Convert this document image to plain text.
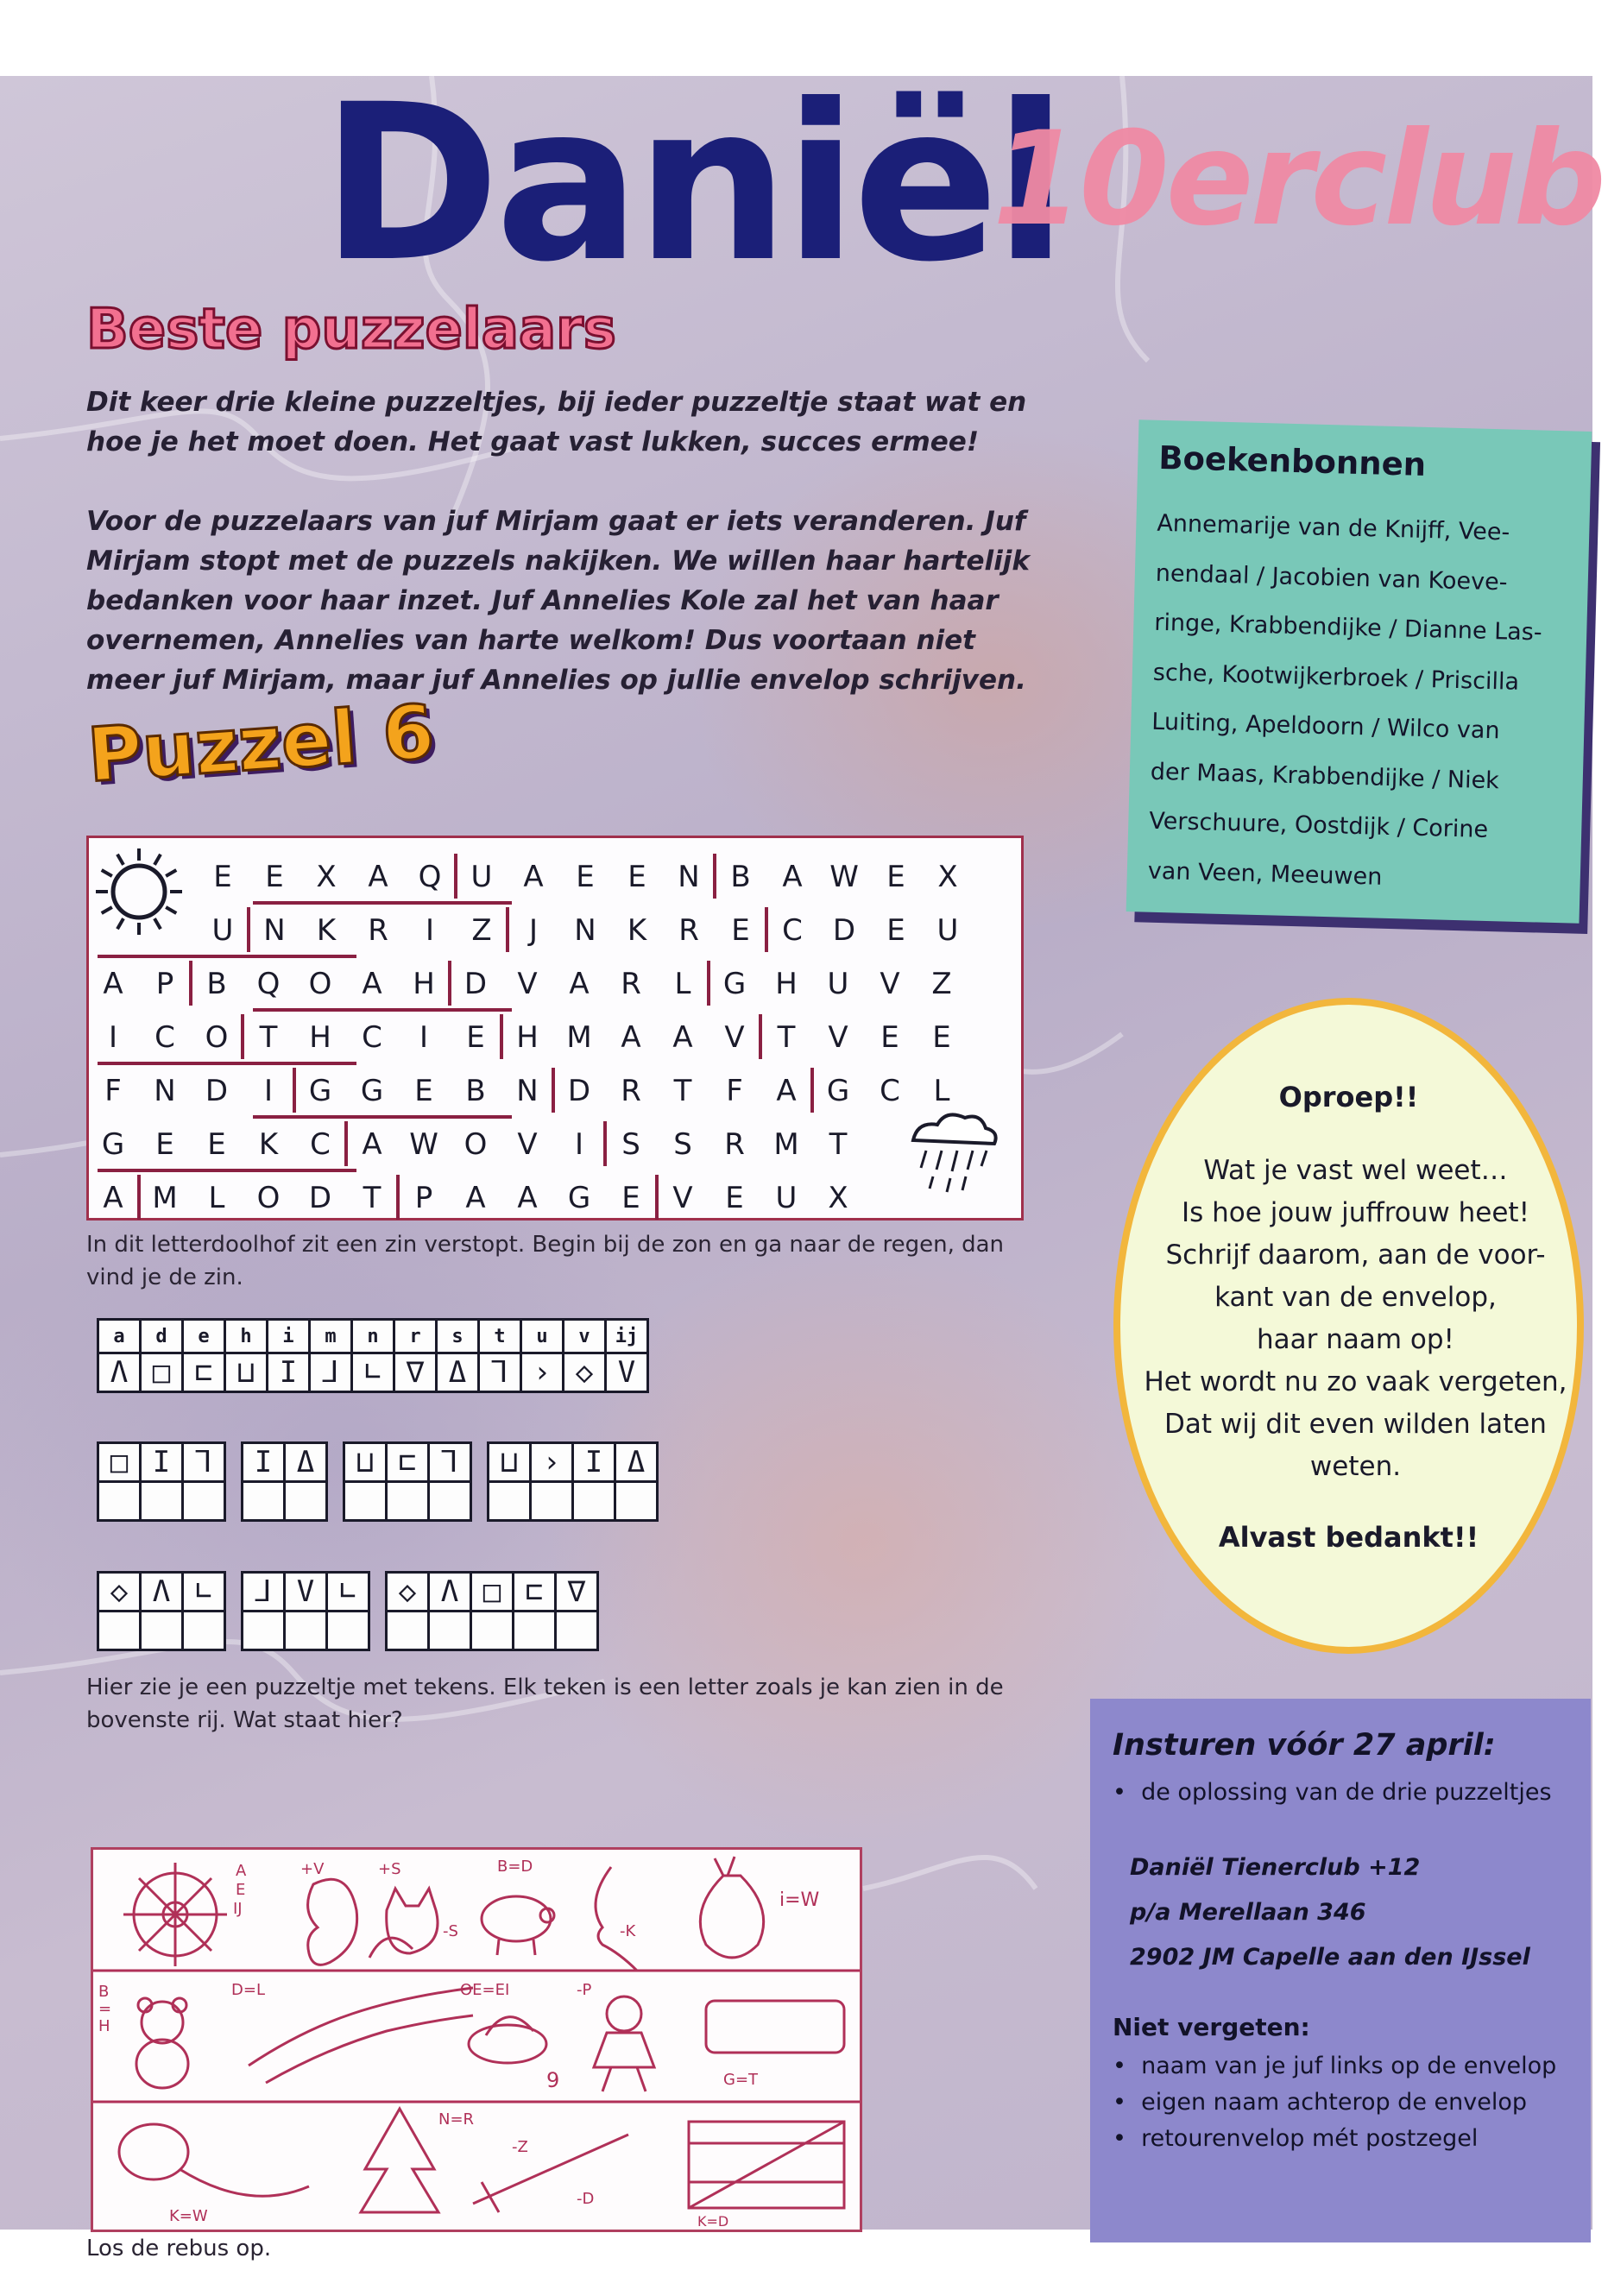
Daniël
10erclub
Beste puzzelaars

Dit keer drie kleine puzzeltjes, bij ieder puzzeltje staat wat en hoe je het moet doen. Het gaat vast lukken, succes ermee!

Voor de puzzelaars van juf Mirjam gaat er iets veranderen. Juf Mirjam stopt met de puzzels nakijken. We willen haar hartelijk bedanken voor haar inzet. Juf Annelies Kole zal het van haar overnemen, Annelies van harte welkom! Dus voortaan niet meer juf Mirjam, maar juf Annelies op jullie envelop schrijven.

Puzzel 6
E E X A Q U A E E N B A W E X
U N K R I Z J N K R E C D E U
A P B Q O A H D V A R L G H U V Z
I C O T H C I E H M A A V T V E E
F N D I G G E B N D R T F A G C L
G E E K C A W O V I S S R M T
A M L O D T P A A G E V E U X

In dit letterdoolhof zit een zin verstopt. Begin bij de zon en ga naar de regen, dan vind je de zin.

a	d	e	h	i	m	n	r	s	t	u	v	ij
Λ □ ⊏ ⊔ I ⅃ ∟ ∇ Δ ⅂ › ◇ V
□ I ⅂	I Δ	⊔ ⊏ ⅂	⊔ › I Δ
◇ Λ ∟	⅃ V ∟	◇ Λ □ ⊏ ∇

Hier zie je een puzzeltje met tekens. Elk teken is een letter zoals je kan zien in de bovenste rij. Wat staat hier?

A
E
IJ
+V	+S
-S
B=D
-K
i=W
B
=
H
D=L	OE=EI	-P
9	G=T
N=R
-Z
-D
K=W	K=D

Los de rebus op.

Boekenbonnen

Annemarije van de Knijff, Vee-
nendaal / Jacobien van Koeve-
ringe, Krabbendijke / Dianne Las-
sche, Kootwijkerbroek / Priscilla
Luiting, Apeldoorn / Wilco van
der Maas, Krabbendijke / Niek
Verschuure, Oostdijk / Corine
van Veen, Meeuwen

Oproep!!

Wat je vast wel weet…
Is hoe jouw juffrouw heet!
Schrijf daarom, aan de voor-
kant van de envelop,
haar naam op!
Het wordt nu zo vaak vergeten,
Dat wij dit even wilden laten
weten.

Alvast bedankt!!

Insturen vóór 27 april:

•  de oplossing van de drie puzzeltjes

Daniël Tienerclub +12
p/a Merellaan 346
2902 JM Capelle aan den IJssel

Niet vergeten:

•  naam van je juf links op de envelop

•  eigen naam achterop de envelop

•  retourenvelop mét postzegel
